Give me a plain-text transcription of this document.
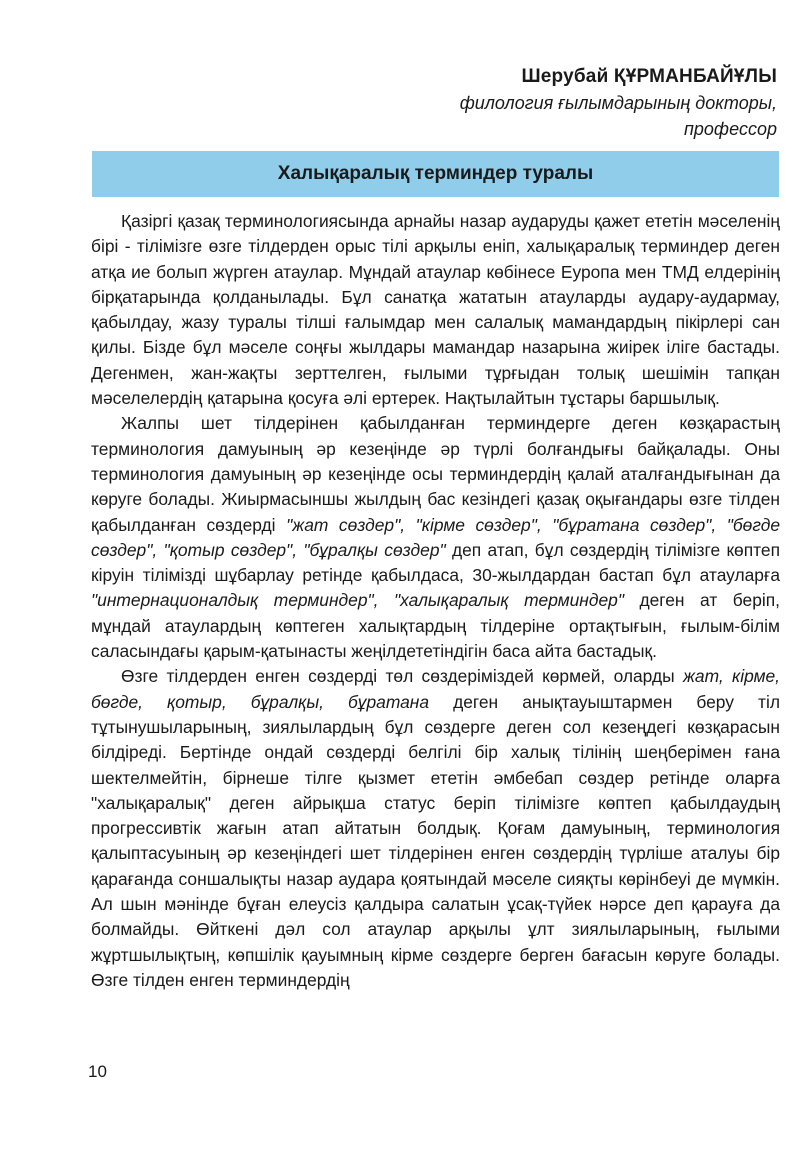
Шерубай ҚҰРМАНБАЙҰЛЫ
филология ғылымдарының докторы,
профессор
Халықаралық терминдер туралы

Қазіргі қазақ терминологиясында арнайы назар аударуды қажет ететін мәселенің бірі - тілімізге өзге тілдерден орыс тілі арқылы еніп, халықаралық терминдер деген атқа ие болып жүрген атаулар. Мұндай атаулар көбінесе Еуропа мен ТМД елдерінің бірқатарында қолданылады. Бұл санатқа жататын атауларды аудару-аудармау, қабылдау, жазу туралы тілші ғалымдар мен салалық мамандардың пікірлері сан қилы. Бізде бұл мәселе соңғы жылдары мамандар назарына жиірек іліге бастады. Дегенмен, жан-жақты зерттелген, ғылыми тұрғыдан толық шешімін тапқан мәселелердің қатарына қосуға әлі ертерек. Нақтылайтын тұстары баршылық.

Жалпы шет тілдерінен қабылданған терминдерге деген көзқарастың терминология дамуының әр кезеңінде әр түрлі болғандығы байқалады. Оны терминология дамуының әр кезеңінде осы терминдердің қалай аталғандығынан да көруге болады. Жиырмасыншы жылдың бас кезіндегі қазақ оқығандары өзге тілден қабылданған сөздерді "жат сөздер", "кірме сөздер", "бұратана сөздер", "бөгде сөздер", "қотыр сөздер", "бұралқы сөздер" деп атап, бұл сөздердің тілімізге көптеп кіруін тілімізді шұбарлау ретінде қабылдаса, 30-жылдардан бастап бұл атауларға "интернационалдық терминдер", "халықаралық терминдер" деген ат беріп, мұндай атаулардың көптеген халықтардың тілдеріне ортақтығын, ғылым-білім саласындағы қарым-қатынасты жеңілдететіндігін баса айта бастадық.

Өзге тілдерден енген сөздерді төл сөздеріміздей көрмей, оларды жат, кірме, бөгде, қотыр, бұралқы, бұратана деген анықтауыштармен беру тіл тұтынушыларының, зиялылардың бұл сөздерге деген сол кезеңдегі көзқарасын білдіреді. Бертінде ондай сөздерді белгілі бір халық тілінің шеңберімен ғана шектелмейтін, бірнеше тілге қызмет ететін әмбебап сөздер ретінде оларға "халықаралық" деген айрықша статус беріп тілімізге көптеп қабылдаудың прогрессивтік жағын атап айтатын болдық. Қоғам дамуының, терминология қалыптасуының әр кезеңіндегі шет тілдерінен енген сөздердің түрліше аталуы бір қарағанда соншалықты назар аудара қоятындай мәселе сияқты көрінбеуі де мүмкін. Ал шын мәнінде бұған елеусіз қалдыра салатын ұсақ-түйек нәрсе деп қарауға да болмайды. Өйткені дәл сол атаулар арқылы ұлт зиялыларының, ғылыми жұртшылықтың, көпшілік қауымның кірме сөздерге берген бағасын көруге болады. Өзге тілден енген терминдердің

10
